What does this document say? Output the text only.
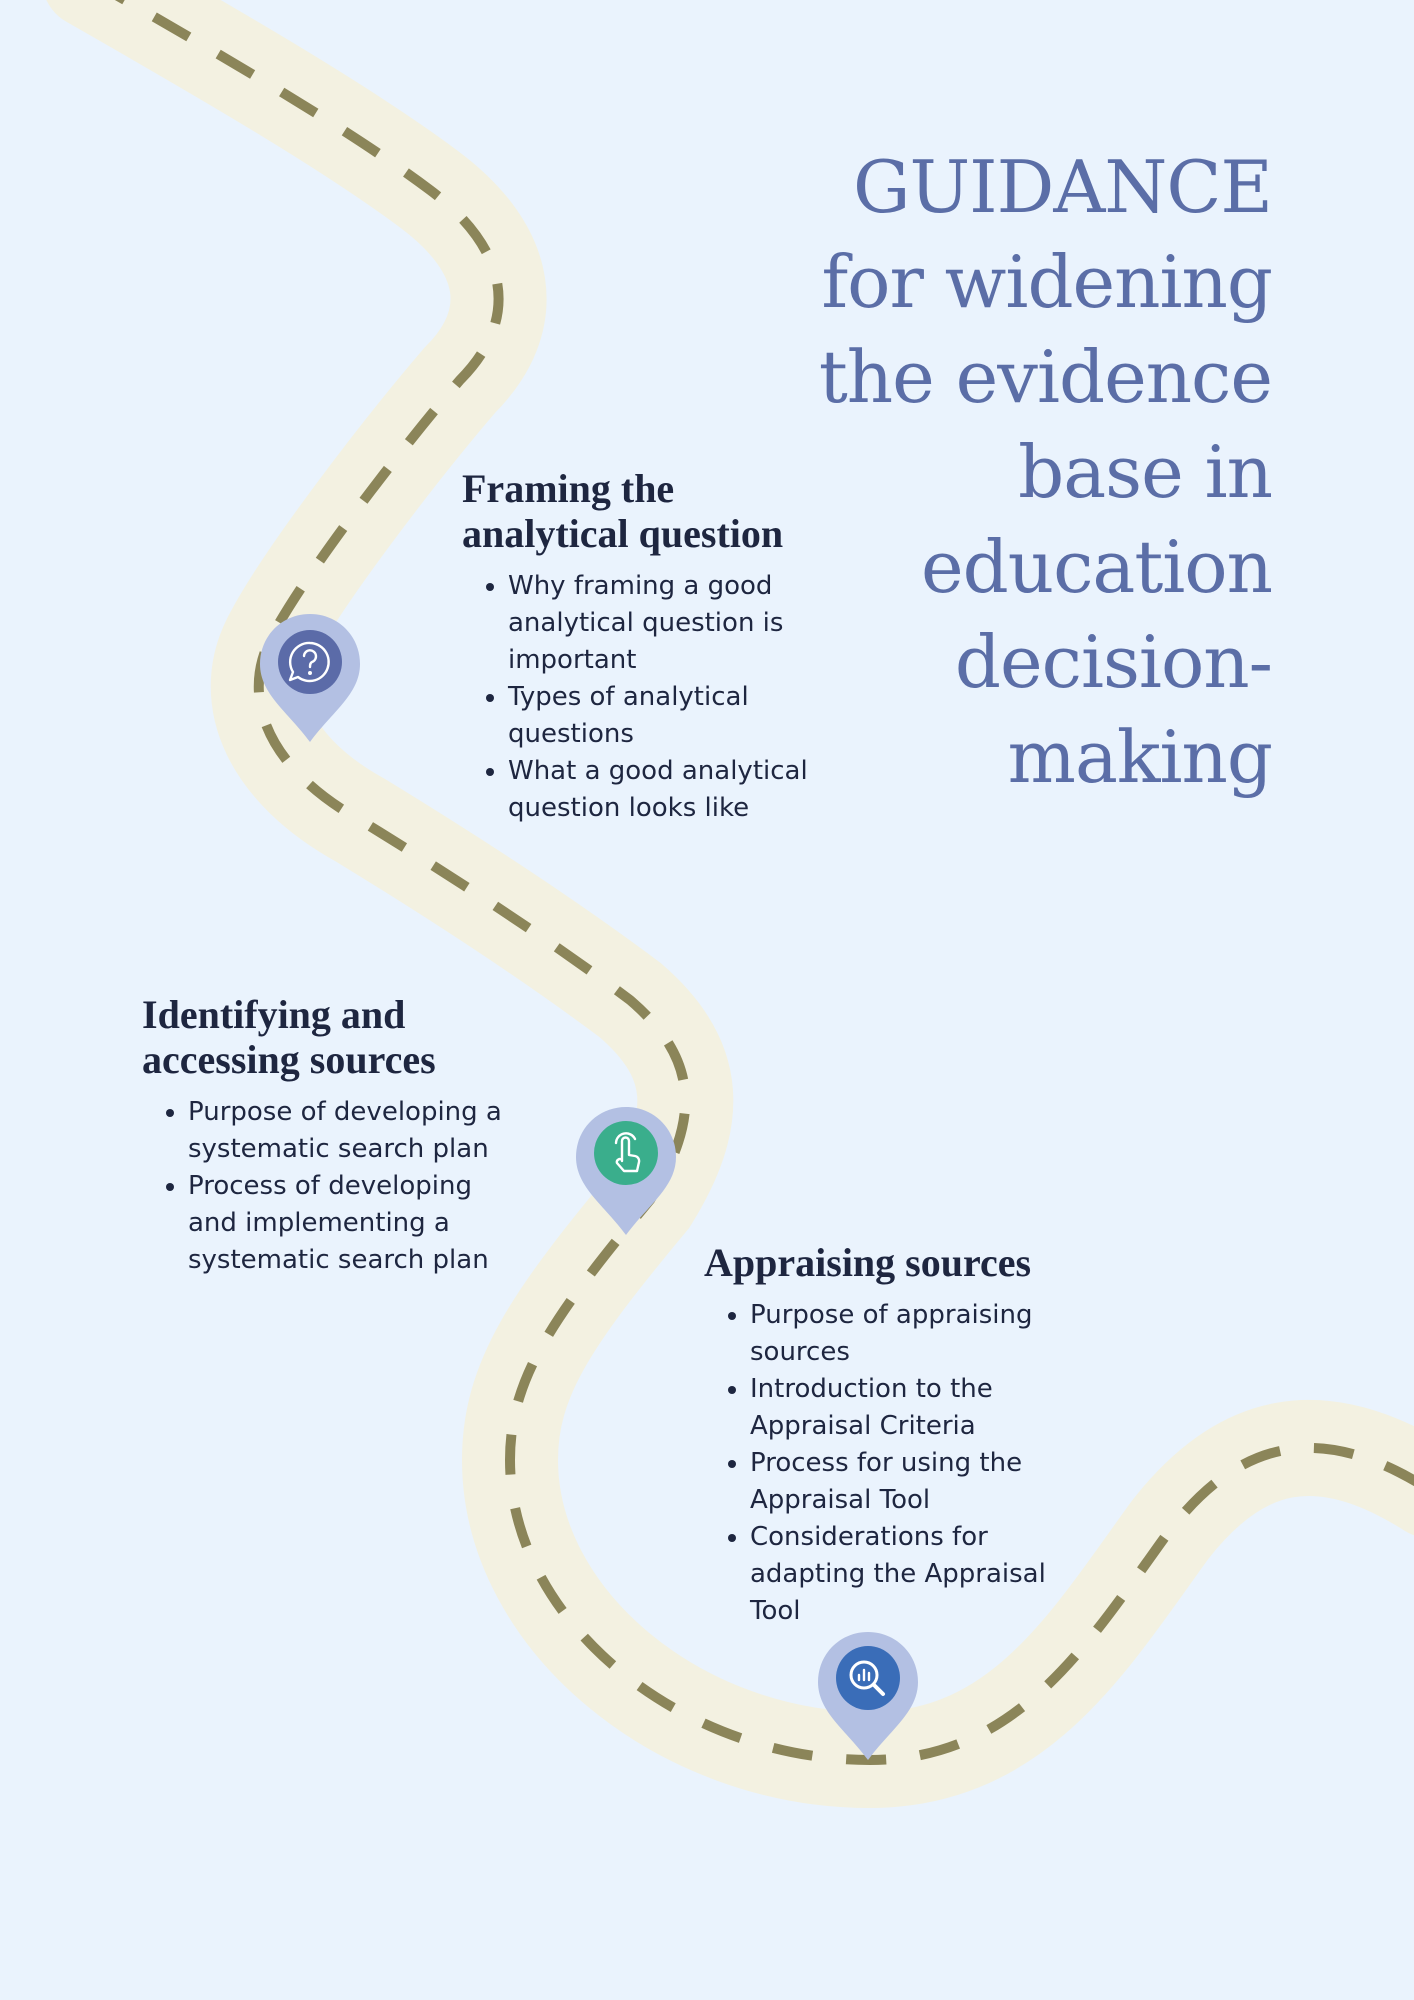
GUIDANCE
for widening
the evidence
base in
education
decision-
making
Framing the
analytical question
• Why framing a good analytical question is important
• Types of analytical questions
• What a good analytical question looks like
Identifying and
accessing sources
• Purpose of developing a systematic search plan
• Process of developing and implementing a systematic search plan	Appraising sources
• Purpose of appraising sources
• Introduction to the Appraisal Criteria
• Process for using the Appraisal Tool
• Considerations for adapting the Appraisal Tool
